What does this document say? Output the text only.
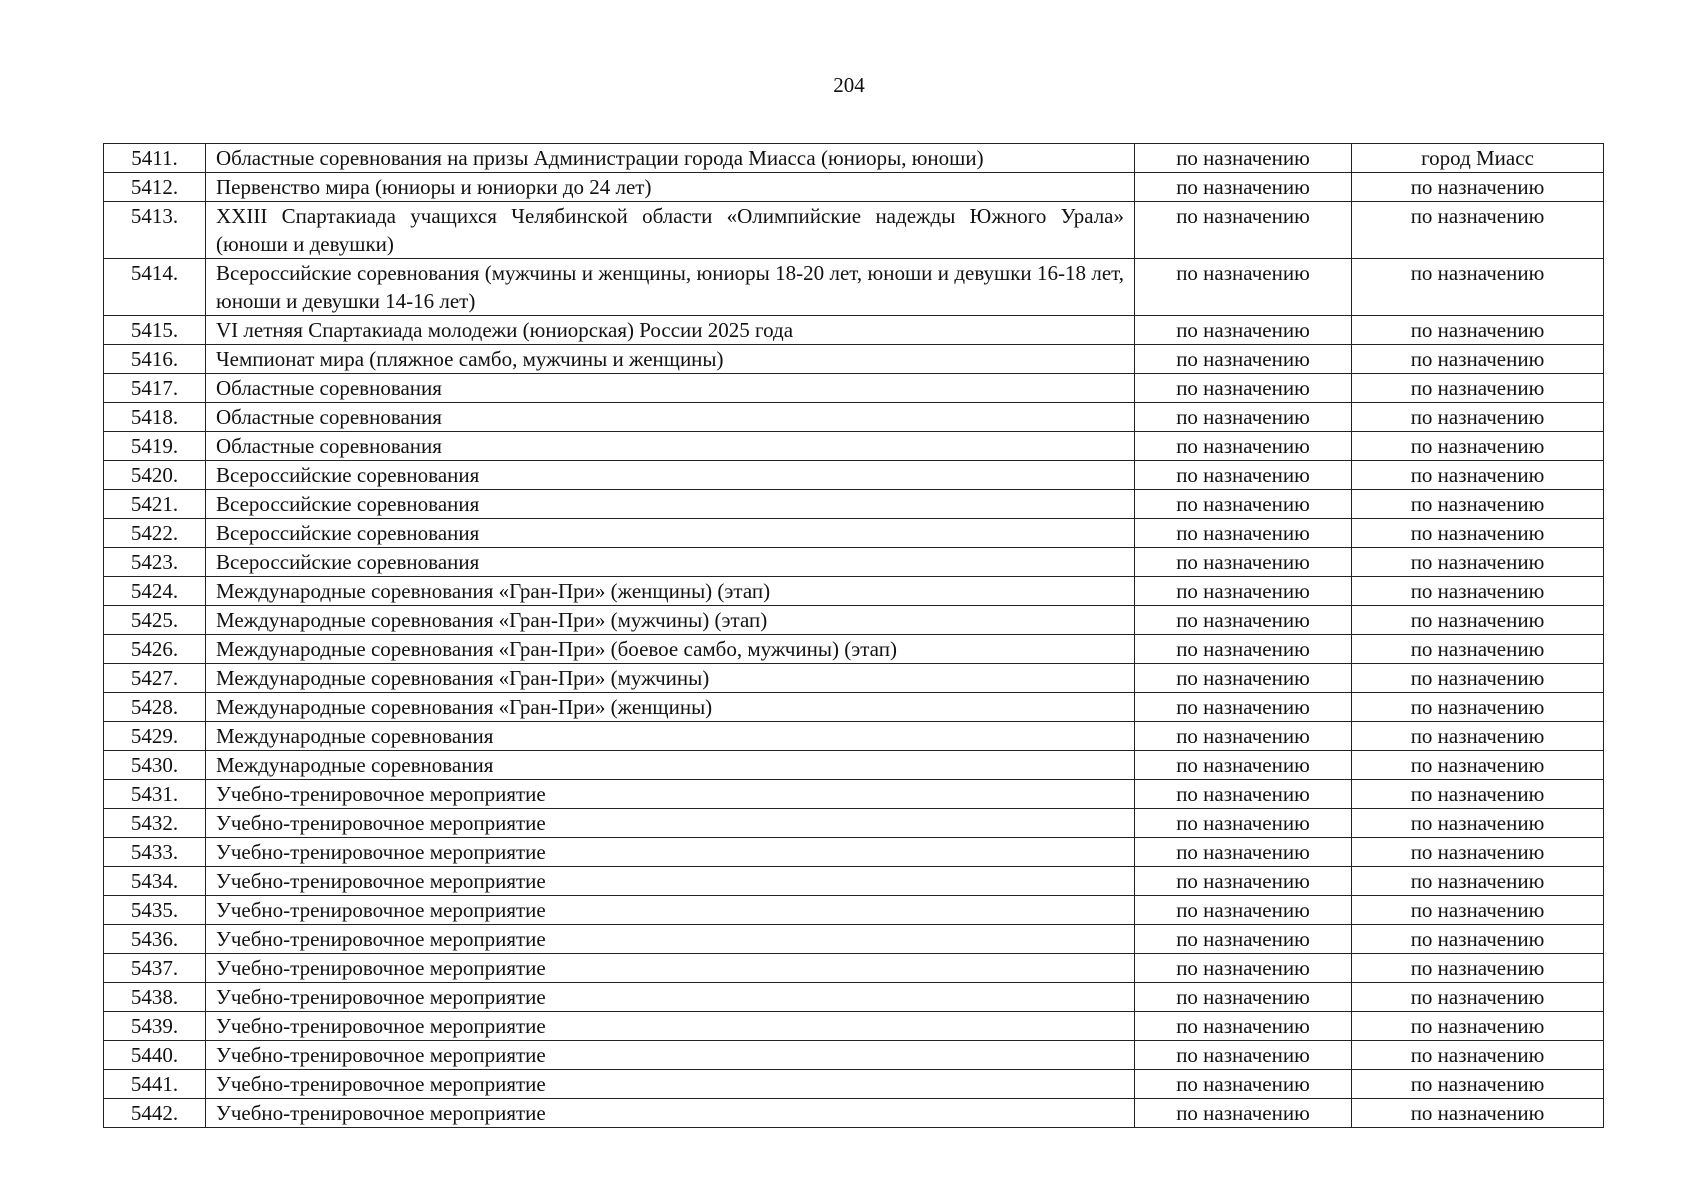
204
5411.	Областные соревнования на призы Администрации города Миасса (юниоры, юноши)	по назначению	город Миасс
5412.	Первенство мира (юниоры и юниорки до 24 лет)	по назначению	по назначению
5413.	XXIII Спартакиада учащихся Челябинской области «Олимпийские надежды Южного Урала» (юноши и девушки)	по назначению	по назначению
5414.	Всероссийские соревнования (мужчины и женщины, юниоры 18-20 лет, юноши и девушки 16-18 лет, юноши и девушки 14-16 лет)	по назначению	по назначению
5415.	VI летняя Спартакиада молодежи (юниорская) России 2025 года	по назначению	по назначению
5416.	Чемпионат мира (пляжное самбо, мужчины и женщины)	по назначению	по назначению
5417.	Областные соревнования	по назначению	по назначению
5418.	Областные соревнования	по назначению	по назначению
5419.	Областные соревнования	по назначению	по назначению
5420.	Всероссийские соревнования	по назначению	по назначению
5421.	Всероссийские соревнования	по назначению	по назначению
5422.	Всероссийские соревнования	по назначению	по назначению
5423.	Всероссийские соревнования	по назначению	по назначению
5424.	Международные соревнования «Гран-При» (женщины) (этап)	по назначению	по назначению
5425.	Международные соревнования «Гран-При» (мужчины) (этап)	по назначению	по назначению
5426.	Международные соревнования «Гран-При» (боевое самбо, мужчины) (этап)	по назначению	по назначению
5427.	Международные соревнования «Гран-При» (мужчины)	по назначению	по назначению
5428.	Международные соревнования «Гран-При» (женщины)	по назначению	по назначению
5429.	Международные соревнования	по назначению	по назначению
5430.	Международные соревнования	по назначению	по назначению
5431.	Учебно-тренировочное мероприятие	по назначению	по назначению
5432.	Учебно-тренировочное мероприятие	по назначению	по назначению
5433.	Учебно-тренировочное мероприятие	по назначению	по назначению
5434.	Учебно-тренировочное мероприятие	по назначению	по назначению
5435.	Учебно-тренировочное мероприятие	по назначению	по назначению
5436.	Учебно-тренировочное мероприятие	по назначению	по назначению
5437.	Учебно-тренировочное мероприятие	по назначению	по назначению
5438.	Учебно-тренировочное мероприятие	по назначению	по назначению
5439.	Учебно-тренировочное мероприятие	по назначению	по назначению
5440.	Учебно-тренировочное мероприятие	по назначению	по назначению
5441.	Учебно-тренировочное мероприятие	по назначению	по назначению
5442.	Учебно-тренировочное мероприятие	по назначению	по назначению
